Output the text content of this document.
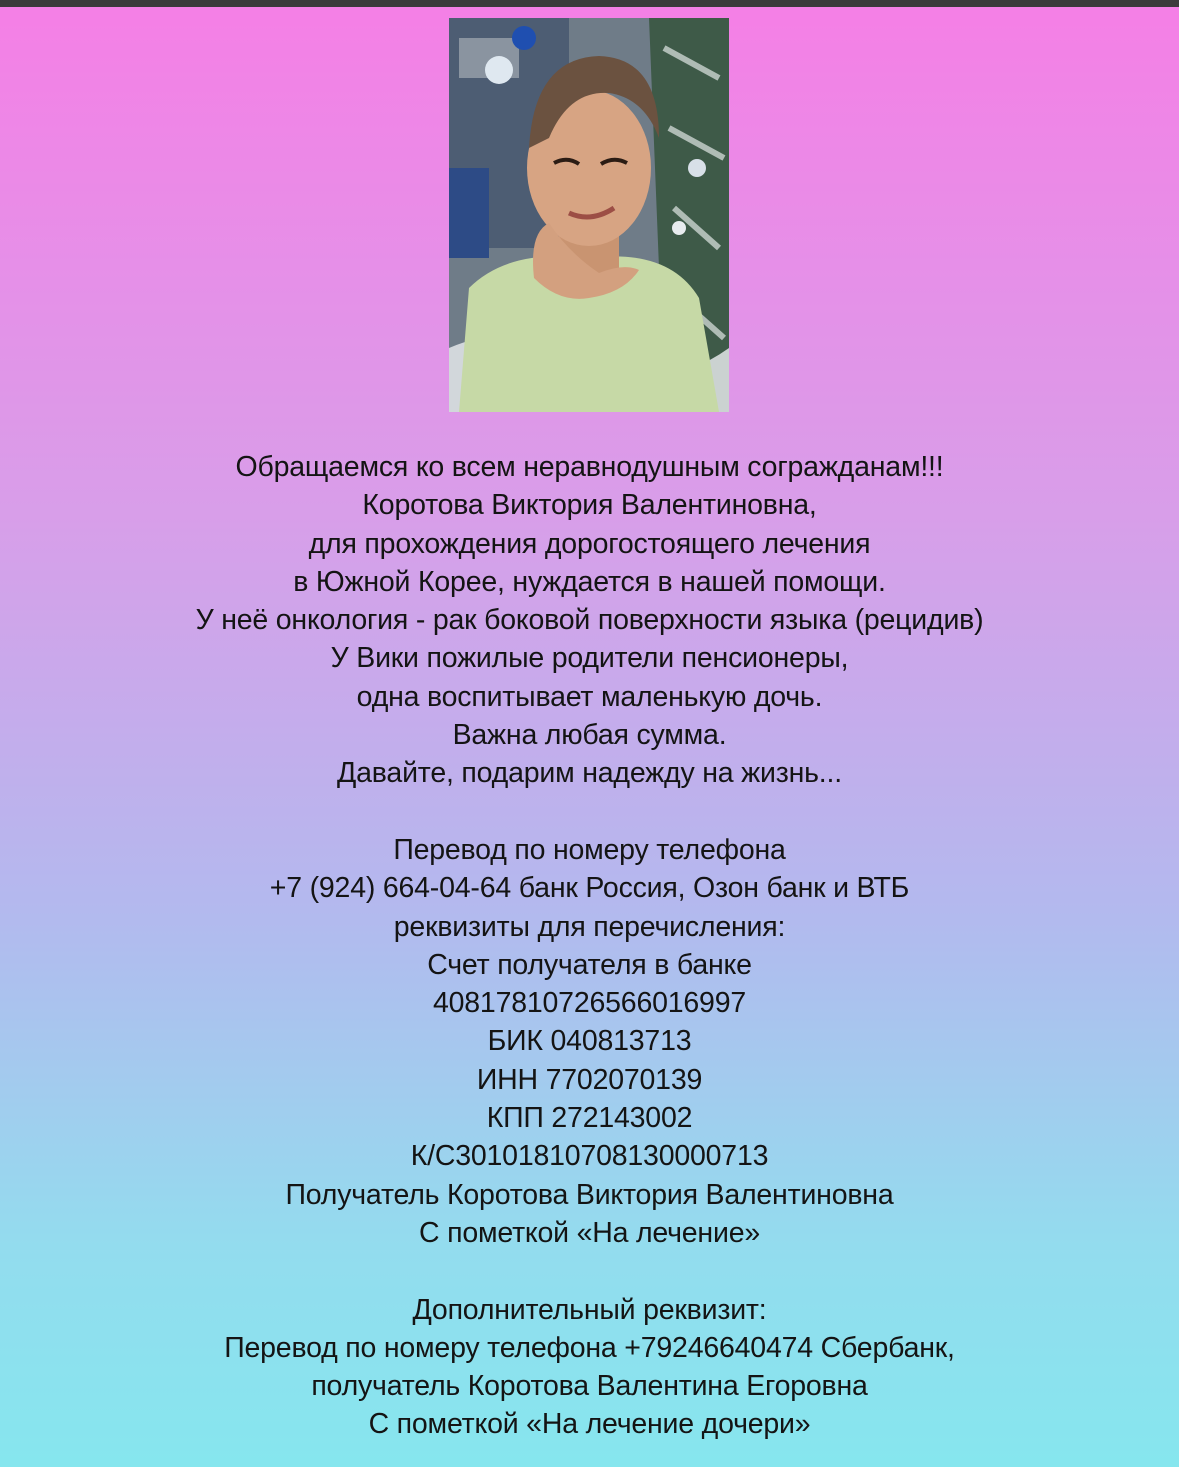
Обращаемся ко всем неравнодушным согражданам!!!
Коротова Виктория Валентиновна,
для прохождения дорогостоящего лечения
в Южной Корее, нуждается в нашей помощи.
У неё онкология - рак боковой поверхности языка (рецидив)
У Вики пожилые родители пенсионеры,
одна воспитывает маленькую дочь.
Важна любая сумма.
Давайте, подарим надежду на жизнь...
Перевод по номеру телефона
+7 (924) 664-04-64 банк Россия, Озон банк и ВТБ
реквизиты для перечисления:
Счет получателя в банке
40817810726566016997
БИК 040813713
ИНН 7702070139
КПП 272143002
К/С30101810708130000713
Получатель Коротова Виктория Валентиновна
С пометкой «На лечение»
Дополнительный реквизит:
Перевод по номеру телефона +79246640474 Сбербанк,
получатель Коротова Валентина Егоровна
С пометкой «На лечение дочери»
